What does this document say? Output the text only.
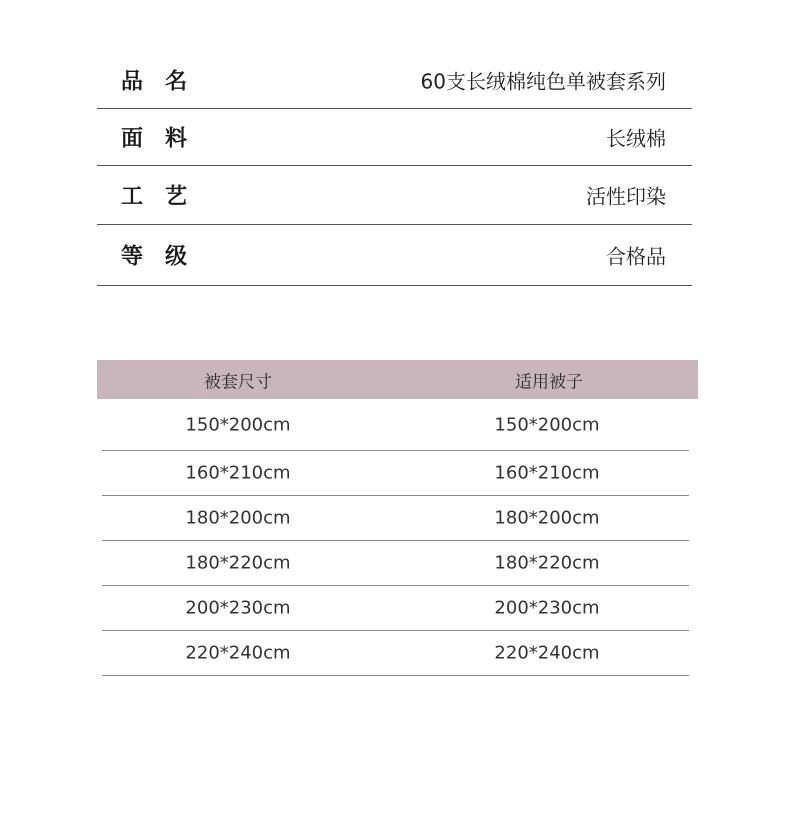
品名	60支长绒棉纯色单被套系列
面料	长绒棉
工艺	活性印染
等级	合格品
被套尺寸	适用被子
150*200cm	150*200cm
160*210cm	160*210cm
180*200cm	180*200cm
180*220cm	180*220cm
200*230cm	200*230cm
220*240cm	220*240cm
